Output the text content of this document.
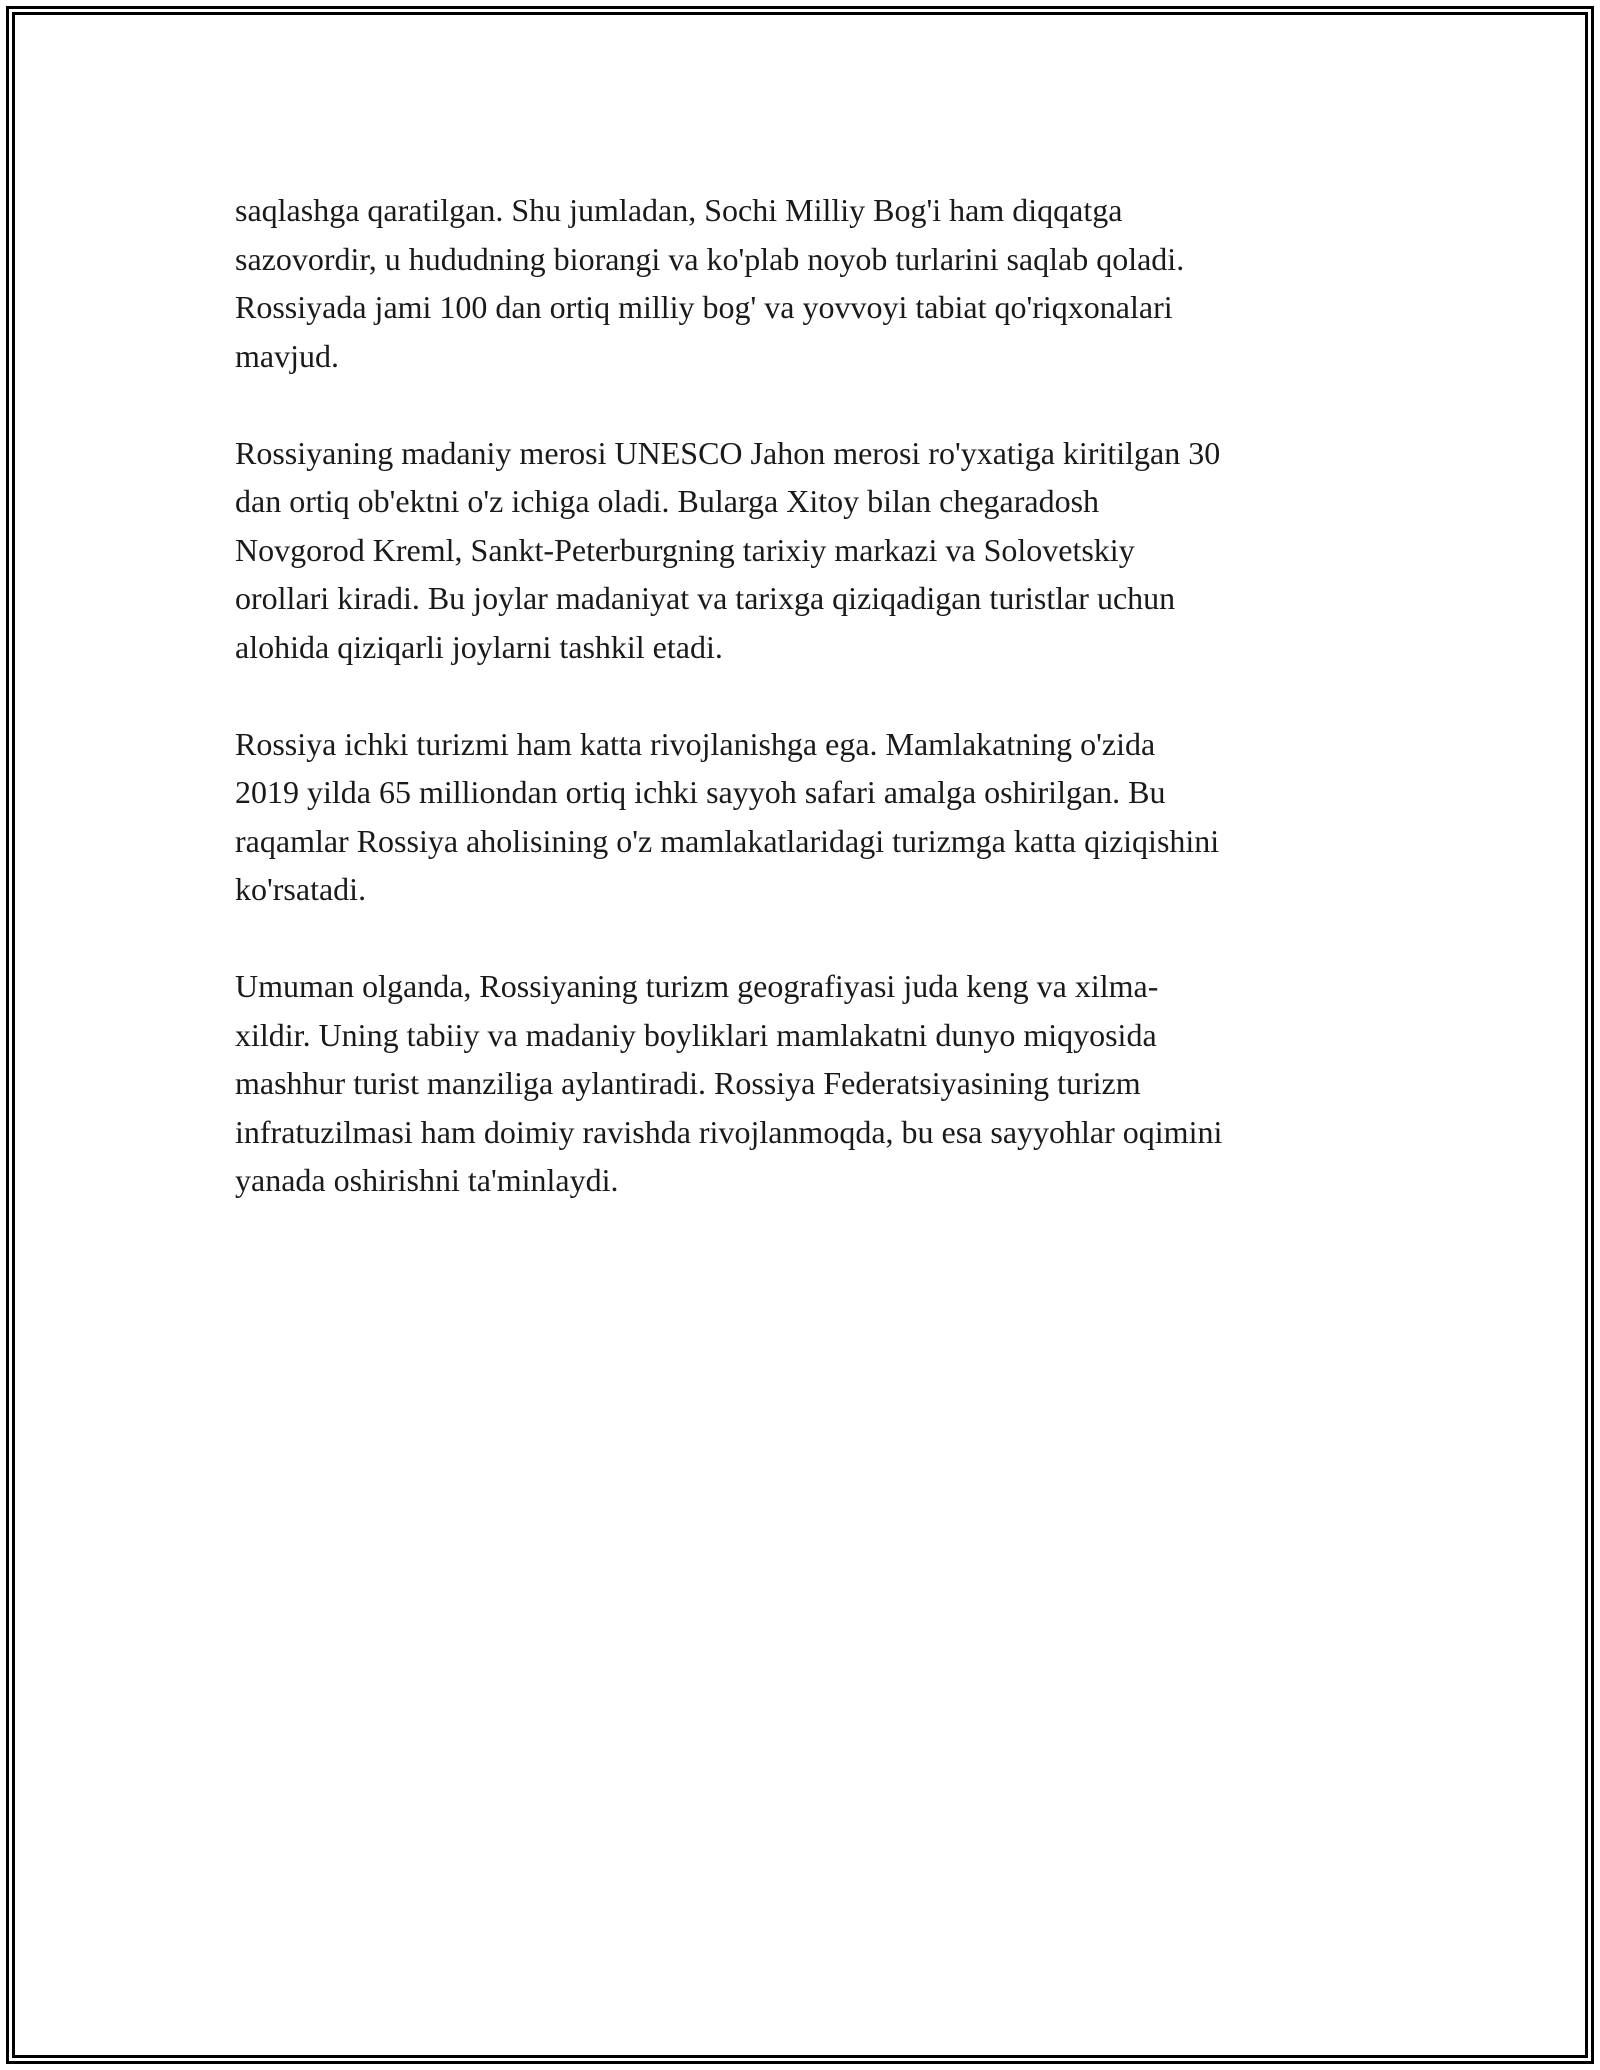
saqlashga qaratilgan. Shu jumladan, Sochi Milliy Bog'i ham diqqatga
sazovordir, u hududning biorangi va ko'plab noyob turlarini saqlab qoladi.
Rossiyada jami 100 dan ortiq milliy bog' va yovvoyi tabiat qo'riqxonalari
mavjud.

Rossiyaning madaniy merosi UNESCO Jahon merosi ro'yxatiga kiritilgan 30
dan ortiq ob'ektni o'z ichiga oladi. Bularga Xitoy bilan chegaradosh
Novgorod Kreml, Sankt-Peterburgning tarixiy markazi va Solovetskiy
orollari kiradi. Bu joylar madaniyat va tarixga qiziqadigan turistlar uchun
alohida qiziqarli joylarni tashkil etadi.

Rossiya ichki turizmi ham katta rivojlanishga ega. Mamlakatning o'zida
2019 yilda 65 milliondan ortiq ichki sayyoh safari amalga oshirilgan. Bu
raqamlar Rossiya aholisining o'z mamlakatlaridagi turizmga katta qiziqishini
ko'rsatadi.

Umuman olganda, Rossiyaning turizm geografiyasi juda keng va xilma-
xildir. Uning tabiiy va madaniy boyliklari mamlakatni dunyo miqyosida
mashhur turist manziliga aylantiradi. Rossiya Federatsiyasining turizm
infratuzilmasi ham doimiy ravishda rivojlanmoqda, bu esa sayyohlar oqimini
yanada oshirishni ta'minlaydi.
